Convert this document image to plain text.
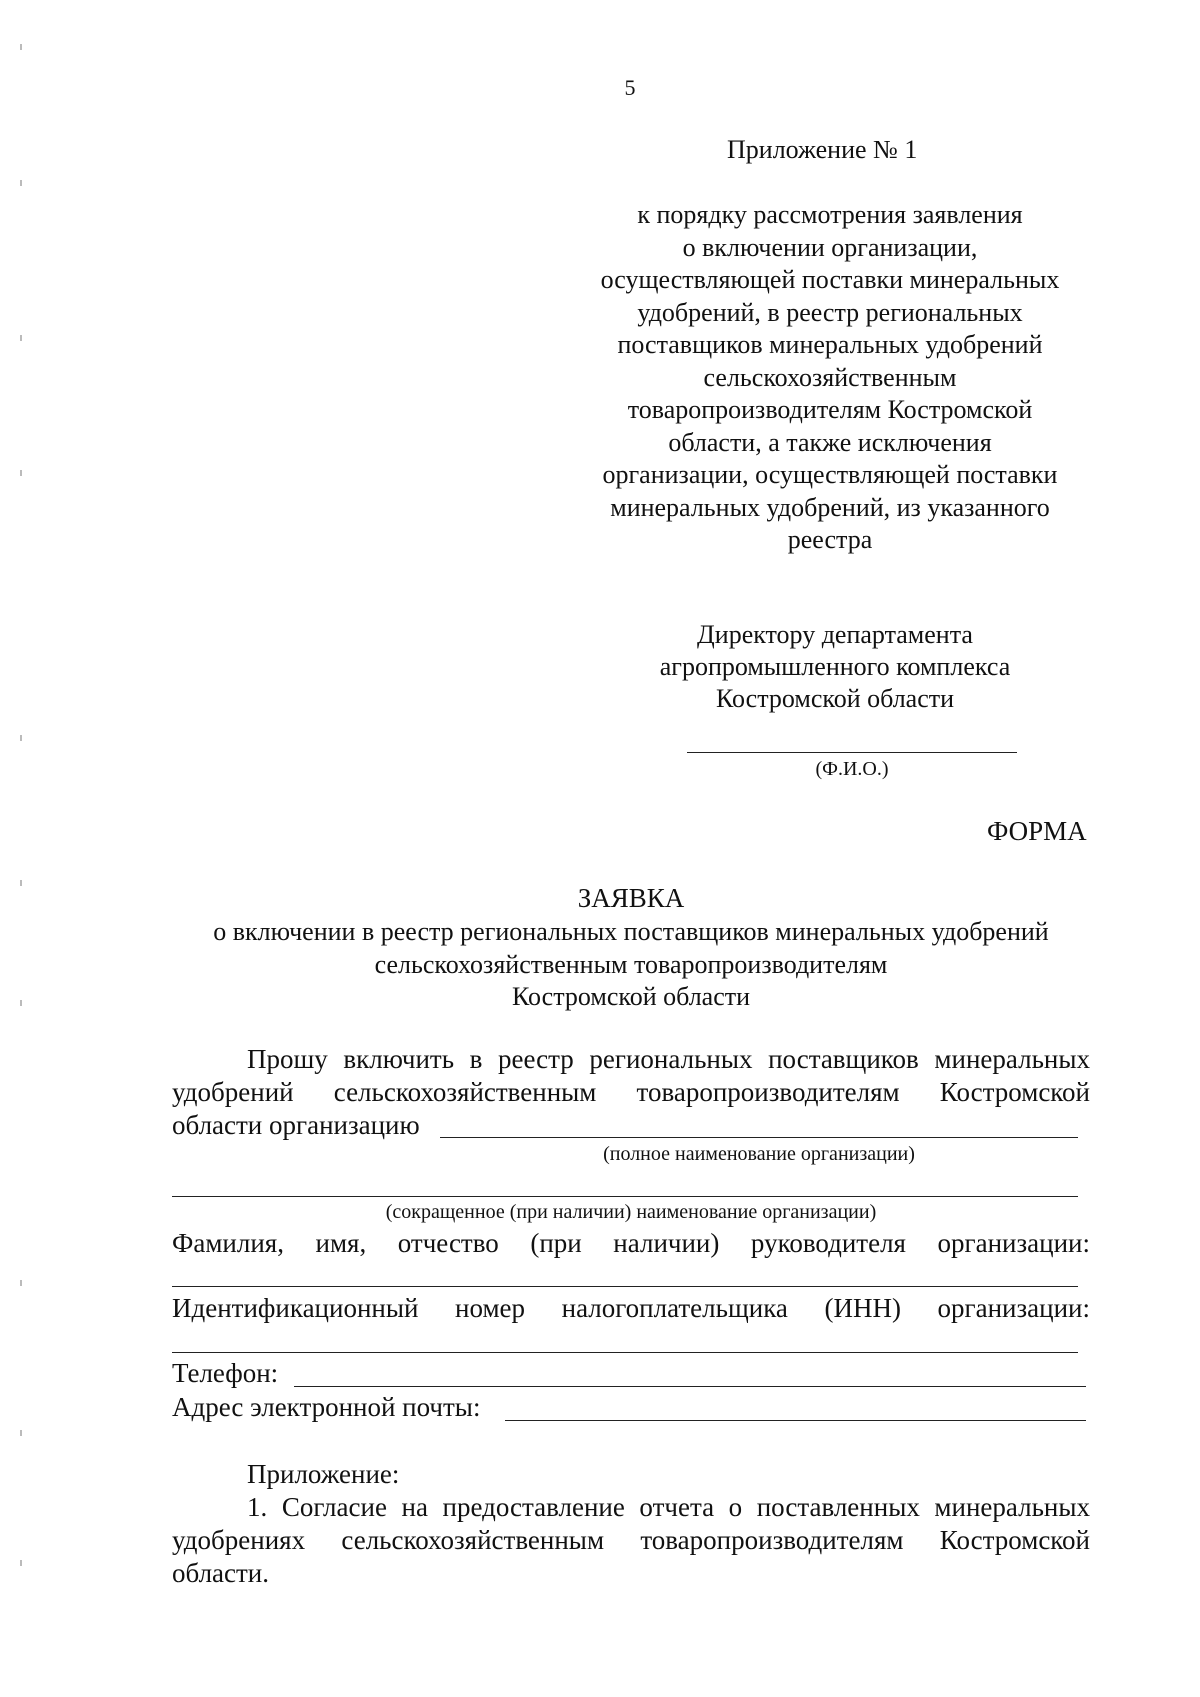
5
Приложение № 1
к порядку рассмотрения заявления
о включении организации,
осуществляющей поставки минеральных
удобрений, в реестр региональных
поставщиков минеральных удобрений
сельскохозяйственным
товаропроизводителям Костромской
области, а также исключения
организации, осуществляющей поставки
минеральных удобрений, из указанного
реестра
Директору департамента
агропромышленного комплекса
Костромской области
(Ф.И.О.)
ФОРМА
ЗАЯВКА
о включении в реестр региональных поставщиков минеральных удобрений
сельскохозяйственным товаропроизводителям
Костромской области
Прошу включить в реестр региональных поставщиков минеральных
удобрений сельскохозяйственным товаропроизводителям Костромской
области организацию
(полное наименование организации)
(сокращенное (при наличии) наименование организации)
Фамилия, имя, отчество (при наличии) руководителя организации:
Идентификационный номер налогоплательщика (ИНН) организации:
Телефон:
Адрес электронной почты:
Приложение:
1. Согласие на предоставление отчета о поставленных минеральных
удобрениях сельскохозяйственным товаропроизводителям Костромской
области.
